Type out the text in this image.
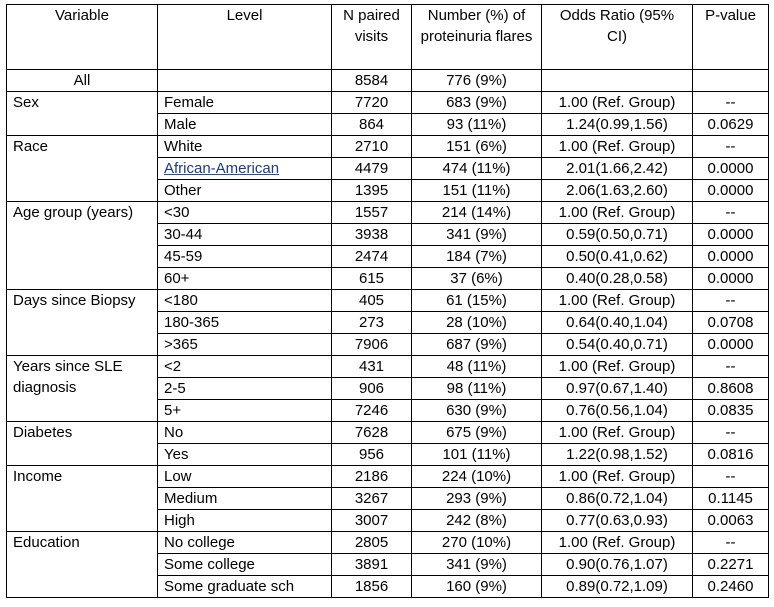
Variable	Level	N paired visits	Number (%) of proteinuria flares	Odds Ratio (95% CI)	P-value
All		8584	776 (9%)		
Sex	Female	7720	683 (9%)	1.00 (Ref. Group)	--
	Male	864	93 (11%)	1.24(0.99,1.56)	0.0629
Race	White	2710	151 (6%)	1.00 (Ref. Group)	--
	African-American	4479	474 (11%)	2.01(1.66,2.42)	0.0000
	Other	1395	151 (11%)	2.06(1.63,2.60)	0.0000
Age group (years)	<30	1557	214 (14%)	1.00 (Ref. Group)	--
	30-44	3938	341 (9%)	0.59(0.50,0.71)	0.0000
	45-59	2474	184 (7%)	0.50(0.41,0.62)	0.0000
	60+	615	37 (6%)	0.40(0.28,0.58)	0.0000
Days since Biopsy	<180	405	61 (15%)	1.00 (Ref. Group)	--
	180-365	273	28 (10%)	0.64(0.40,1.04)	0.0708
	>365	7906	687 (9%)	0.54(0.40,0.71)	0.0000
Years since SLE diagnosis	<2	431	48 (11%)	1.00 (Ref. Group)	--
	2-5	906	98 (11%)	0.97(0.67,1.40)	0.8608
	5+	7246	630 (9%)	0.76(0.56,1.04)	0.0835
Diabetes	No	7628	675 (9%)	1.00 (Ref. Group)	--
	Yes	956	101 (11%)	1.22(0.98,1.52)	0.0816
Income	Low	2186	224 (10%)	1.00 (Ref. Group)	--
	Medium	3267	293 (9%)	0.86(0.72,1.04)	0.1145
	High	3007	242 (8%)	0.77(0.63,0.93)	0.0063
Education	No college	2805	270 (10%)	1.00 (Ref. Group)	--
	Some college	3891	341 (9%)	0.90(0.76,1.07)	0.2271
	Some graduate sch	1856	160 (9%)	0.89(0.72,1.09)	0.2460
